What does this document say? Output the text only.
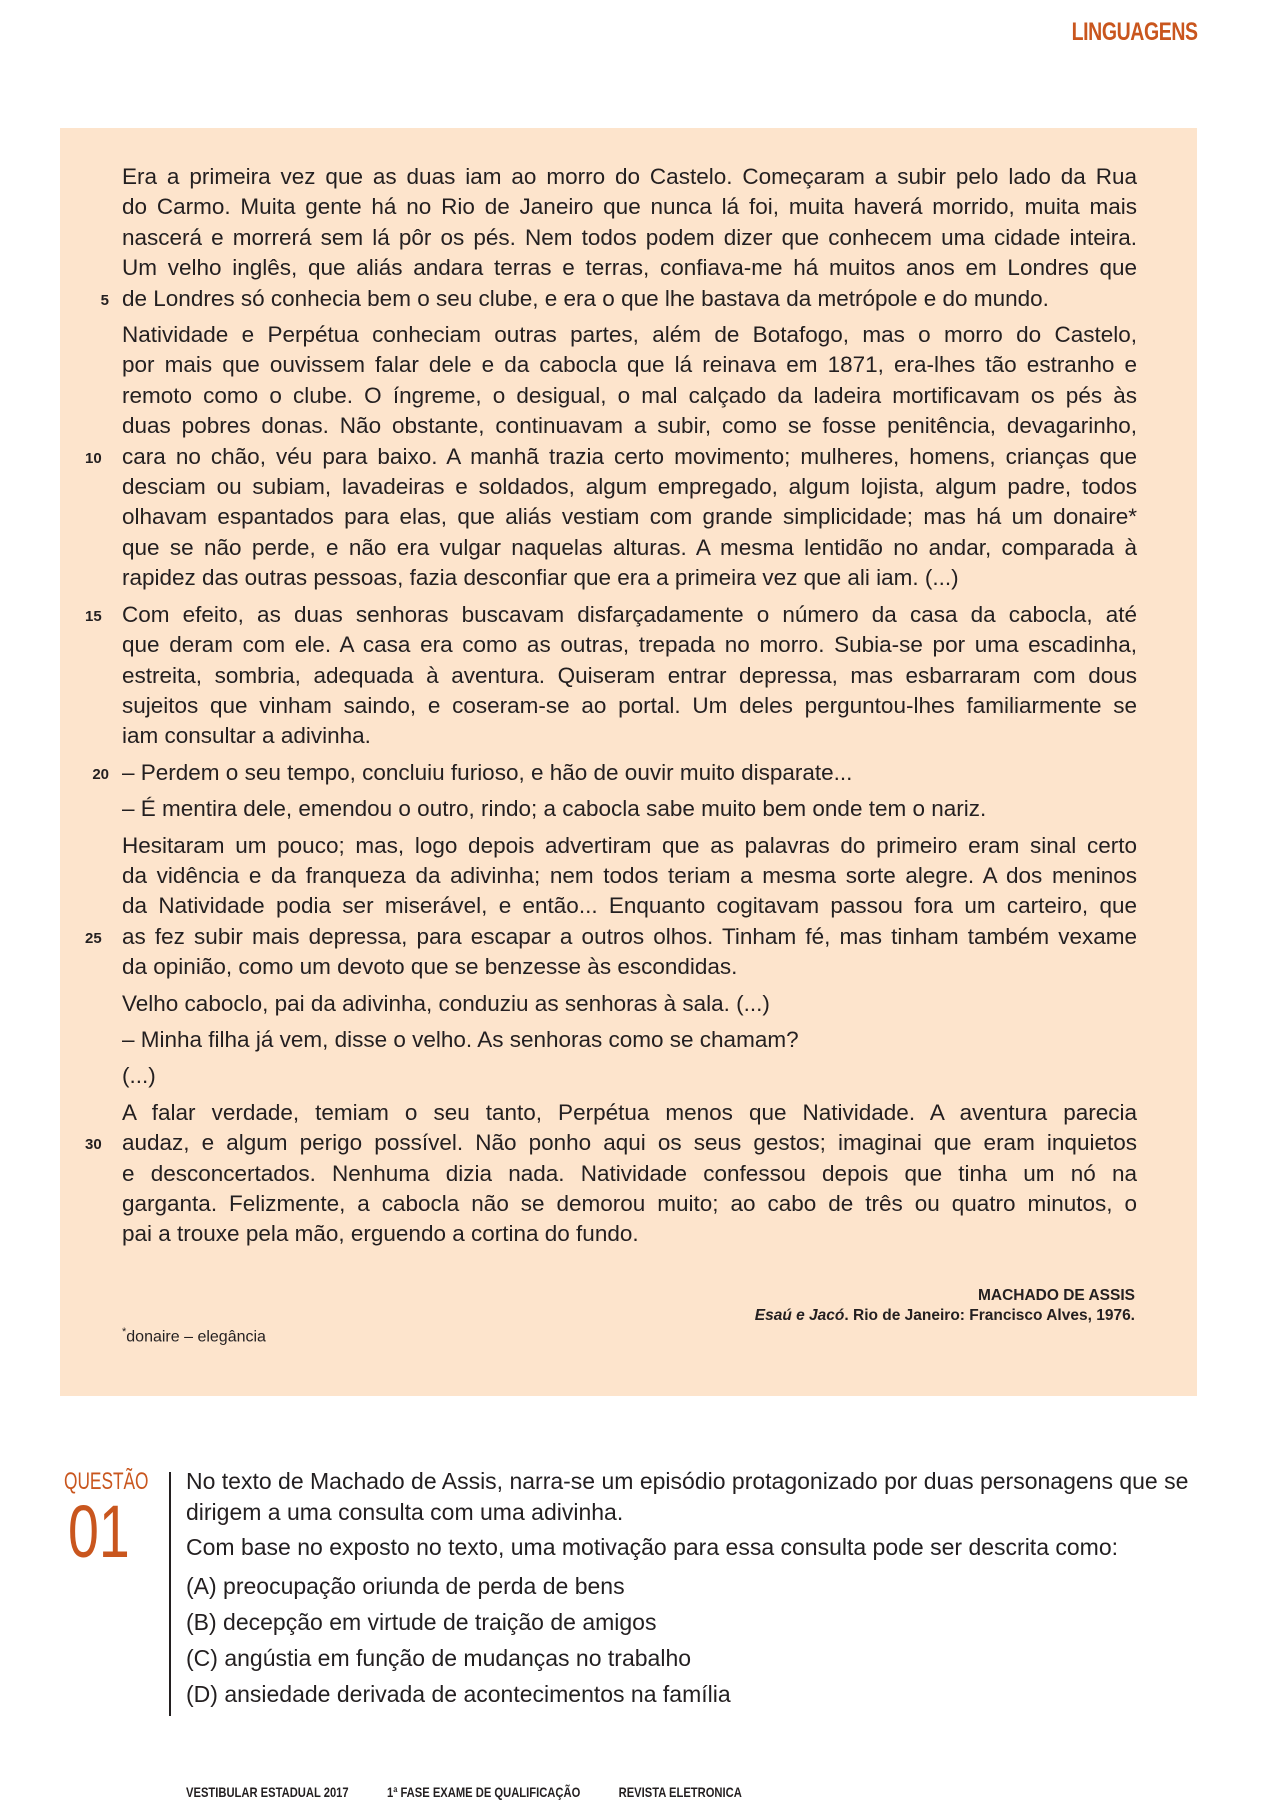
LINGUAGENS
Era a primeira vez que as duas iam ao morro do Castelo. Começaram a subir pelo lado da Rua
do Carmo. Muita gente há no Rio de Janeiro que nunca lá foi, muita haverá morrido, muita mais
nascerá e morrerá sem lá pôr os pés. Nem todos podem dizer que conhecem uma cidade inteira.
Um velho inglês, que aliás andara terras e terras, confiava-me há muitos anos em Londres que
5 de Londres só conhecia bem o seu clube, e era o que lhe bastava da metrópole e do mundo.
Natividade e Perpétua conheciam outras partes, além de Botafogo, mas o morro do Castelo,
por mais que ouvissem falar dele e da cabocla que lá reinava em 1871, era-lhes tão estranho e
remoto como o clube. O íngreme, o desigual, o mal calçado da ladeira mortificavam os pés às
duas pobres donas. Não obstante, continuavam a subir, como se fosse penitência, devagarinho,
10 cara no chão, véu para baixo. A manhã trazia certo movimento; mulheres, homens, crianças que
desciam ou subiam, lavadeiras e soldados, algum empregado, algum lojista, algum padre, todos
olhavam espantados para elas, que aliás vestiam com grande simplicidade; mas há um donaire*
que se não perde, e não era vulgar naquelas alturas. A mesma lentidão no andar, comparada à
rapidez das outras pessoas, fazia desconfiar que era a primeira vez que ali iam. (...)
15 Com efeito, as duas senhoras buscavam disfarçadamente o número da casa da cabocla, até
que deram com ele. A casa era como as outras, trepada no morro. Subia-se por uma escadinha,
estreita, sombria, adequada à aventura. Quiseram entrar depressa, mas esbarraram com dous
sujeitos que vinham saindo, e coseram-se ao portal. Um deles perguntou-lhes familiarmente se
iam consultar a adivinha.
20 – Perdem o seu tempo, concluiu furioso, e hão de ouvir muito disparate...
– É mentira dele, emendou o outro, rindo; a cabocla sabe muito bem onde tem o nariz.
Hesitaram um pouco; mas, logo depois advertiram que as palavras do primeiro eram sinal certo
da vidência e da franqueza da adivinha; nem todos teriam a mesma sorte alegre. A dos meninos
da Natividade podia ser miserável, e então... Enquanto cogitavam passou fora um carteiro, que
25 as fez subir mais depressa, para escapar a outros olhos. Tinham fé, mas tinham também vexame
da opinião, como um devoto que se benzesse às escondidas.
Velho caboclo, pai da adivinha, conduziu as senhoras à sala. (...)
– Minha filha já vem, disse o velho. As senhoras como se chamam?
(...)
A falar verdade, temiam o seu tanto, Perpétua menos que Natividade. A aventura parecia
30 audaz, e algum perigo possível. Não ponho aqui os seus gestos; imaginai que eram inquietos
e desconcertados. Nenhuma dizia nada. Natividade confessou depois que tinha um nó na
garganta. Felizmente, a cabocla não se demorou muito; ao cabo de três ou quatro minutos, o
pai a trouxe pela mão, erguendo a cortina do fundo.
MACHADO DE ASSIS
Esaú e Jacó. Rio de Janeiro: Francisco Alves, 1976.
*donaire – elegância
QUESTÃO
01

No texto de Machado de Assis, narra-se um episódio protagonizado por duas personagens que se dirigem a uma consulta com uma adivinha.

Com base no exposto no texto, uma motivação para essa consulta pode ser descrita como:

(A) preocupação oriunda de perda de bens
(B) decepção em virtude de traição de amigos
(C) angústia em função de mudanças no trabalho
(D) ansiedade derivada de acontecimentos na família
VESTIBULAR ESTADUAL 2017	1ª FASE EXAME DE QUALIFICAÇÃO	REVISTA ELETRONICA
